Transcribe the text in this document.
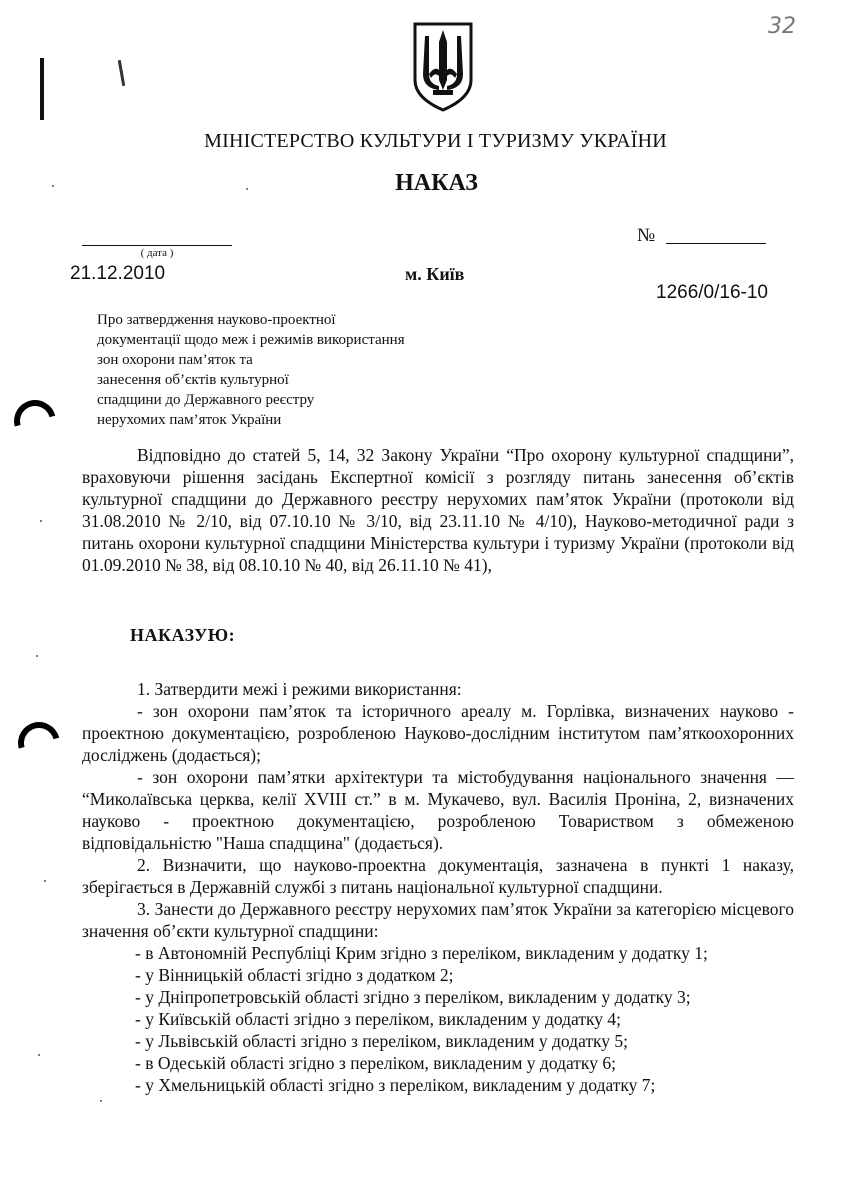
32
МІНІСТЕРСТВО КУЛЬТУРИ І ТУРИЗМУ УКРАЇНИ
НАКАЗ
( дата )
21.12.2010	м. Київ
№
1266/0/16-10
Про затвердження науково-проектної
документації щодо меж і режимів використання
зон охорони пам’яток та
занесення об’єктів культурної
спадщини до Державного реєстру
нерухомих пам’яток України

Відповідно до статей 5, 14, 32 Закону України “Про охорону культурної спадщини”, враховуючи рішення засідань Експертної комісії з розгляду питань занесення об’єктів культурної спадщини до Державного реєстру нерухомих пам’яток України (протоколи від 31.08.2010 № 2/10, від 07.10.10 № 3/10, від 23.11.10 № 4/10), Науково-методичної ради з питань охорони культурної спадщини Міністерства культури і туризму України (протоколи від 01.09.2010 № 38, від 08.10.10 № 40, від 26.11.10 № 41),

НАКАЗУЮ:

1. Затвердити межі і режими використання:

- зон охорони пам’яток та історичного ареалу м. Горлівка, визначених науково - проектною документацією, розробленою Науково-дослідним інститутом пам’яткоохоронних досліджень (додається);

- зон охорони пам’ятки архітектури та містобудування національного значення — “Миколаївська церква, келії XVIII ст.” в м. Мукачево, вул. Василія Проніна, 2, визначених науково - проектною документацією, розробленою Товариством з обмеженою відповідальністю "Наша спадщина" (додається).

2. Визначити, що науково-проектна документація, зазначена в пункті 1 наказу, зберігається в Державній службі з питань національної культурної спадщини.

3. Занести до Державного реєстру нерухомих пам’яток України за категорією місцевого значення об’єкти культурної спадщини:

- в Автономній Республіці Крим згідно з переліком, викладеним у додатку 1;

- у Вінницькій області згідно з додатком 2;

- у Дніпропетровській області згідно з переліком, викладеним у додатку 3;

- у Київській області згідно з переліком, викладеним у додатку 4;

- у Львівській області згідно з переліком, викладеним у додатку 5;

- в Одеській області згідно з переліком, викладеним у додатку 6;

- у Хмельницькій області згідно з переліком, викладеним у додатку 7;
